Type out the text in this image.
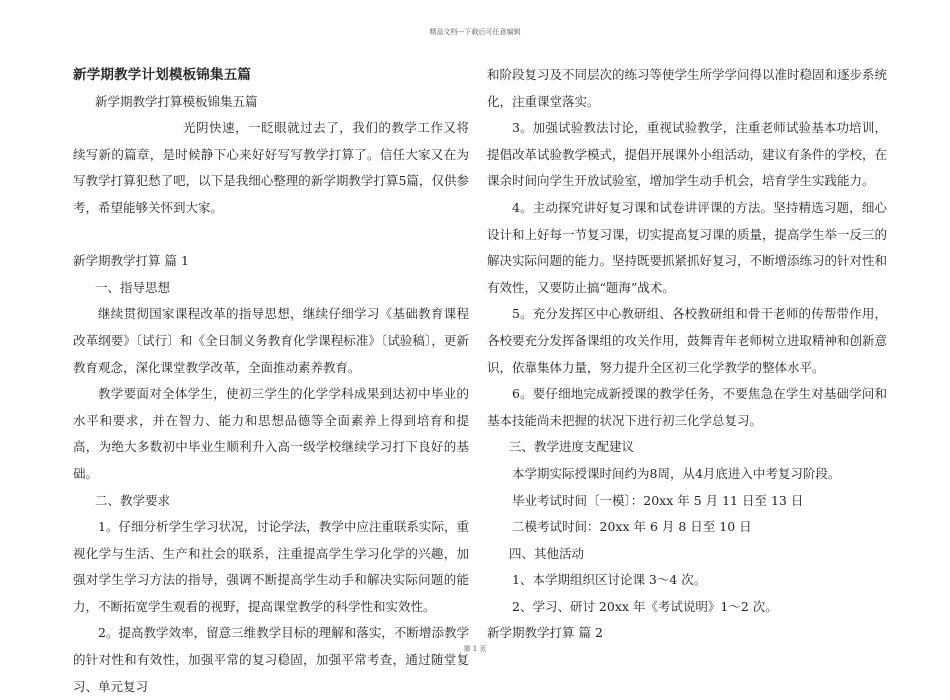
精品文档---下载后可任意编辑

新学期教学计划模板锦集五篇

新学期教学打算模板锦集五篇

光阴快速，一眨眼就过去了，我们的教学工作又将续写新的篇章，是时候静下心来好好写写教学打算了。信任大家又在为写教学打算犯愁了吧，以下是我细心整理的新学期教学打算5篇，仅供参考，希望能够关怀到大家。

新学期教学打算 篇 1

一、指导思想

继续贯彻国家课程改革的指导思想，继续仔细学习《基础教育课程改革纲要》〔试行〕和《全日制义务教育化学课程标准》〔试验稿〕，更新教育观念，深化课堂教学改革，全面推动素养教育。

教学要面对全体学生，使初三学生的化学学科成果到达初中毕业的水平和要求，并在智力、能力和思想品德等全面素养上得到培育和提高，为绝大多数初中毕业生顺利升入高一级学校继续学习打下良好的基础。

二、教学要求

1。仔细分析学生学习状况，讨论学法，教学中应注重联系实际，重视化学与生活、生产和社会的联系，注重提高学生学习化学的兴趣，加强对学生学习方法的指导，强调不断提高学生动手和解决实际问题的能力，不断拓宽学生观看的视野，提高课堂教学的科学性和实效性。

2。提高教学效率，留意三维教学目标的理解和落实，不断增添教学的针对性和有效性，加强平常的复习稳固，加强平常考查，通过随堂复习、单元复习

和阶段复习及不同层次的练习等使学生所学学问得以准时稳固和逐步系统化，注重课堂落实。

3。加强试验教法讨论，重视试验教学，注重老师试验基本功培训，提倡改革试验教学模式，提倡开展课外小组活动，建议有条件的学校，在课余时间向学生开放试验室，增加学生动手机会，培育学生实践能力。

4。主动探究讲好复习课和试卷讲评课的方法。坚持精选习题，细心设计和上好每一节复习课，切实提高复习课的质量，提高学生举一反三的解决实际问题的能力。坚持既要抓紧抓好复习，不断增添练习的针对性和有效性，又要防止搞“题海”战术。

5。充分发挥区中心教研组、各校教研组和骨干老师的传帮带作用，各校要充分发挥备课组的攻关作用，鼓舞青年老师树立进取精神和创新意识，依靠集体力量，努力提升全区初三化学教学的整体水平。

6。要仔细地完成新授课的教学任务，不要焦急在学生对基础学问和基本技能尚未把握的状况下进行初三化学总复习。

三、教学进度支配建议

本学期实际授课时间约为8周，从4月底进入中考复习阶段。

毕业考试时间〔一模〕：20xx 年 5 月 11 日至 13 日

二模考试时间：20xx 年 6 月 8 日至 10 日

四、其他活动

1、本学期组织区讨论课 3～4 次。

2、学习、研讨 20xx 年《考试说明》1～2 次。

新学期教学打算 篇 2

第 1 页
